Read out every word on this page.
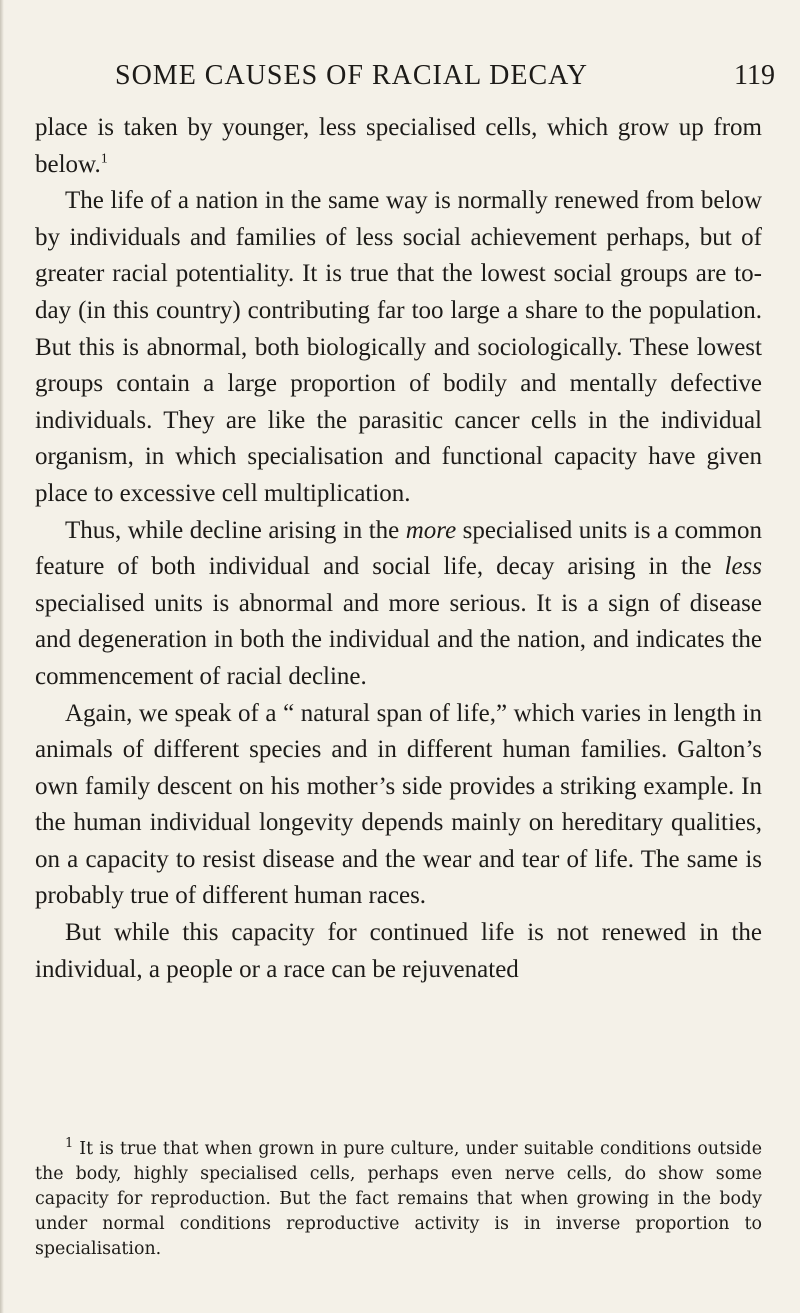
SOME CAUSES OF RACIAL DECAY	119

place is taken by younger, less specialised cells, which grow up from below.$^1$

The life of a nation in the same way is normally renewed from below by individuals and families of less social achievement perhaps, but of greater racial potentiality. It is true that the lowest social groups are to-day (in this country) contributing far too large a share to the population. But this is abnormal, both biologically and sociologically. These lowest groups contain a large proportion of bodily and mentally defective individuals. They are like the parasitic cancer cells in the individual organism, in which specialisation and functional capacity have given place to excessive cell multiplication.

Thus, while decline arising in the more specialised units is a common feature of both individual and social life, decay arising in the less specialised units is abnormal and more serious. It is a sign of disease and degeneration in both the individual and the nation, and indicates the commencement of racial decline.

Again, we speak of a “ natural span of life,” which varies in length in animals of different species and in different human families. Galton’s own family descent on his mother’s side provides a striking example. In the human individual longevity depends mainly on hereditary qualities, on a capacity to resist disease and the wear and tear of life. The same is probably true of different human races.

But while this capacity for continued life is not renewed in the individual, a people or a race can be rejuvenated

$^1$ It is true that when grown in pure culture, under suitable conditions outside the body, highly specialised cells, perhaps even nerve cells, do show some capacity for reproduction. But the fact remains that when growing in the body under normal conditions reproductive activity is in inverse proportion to specialisation.
